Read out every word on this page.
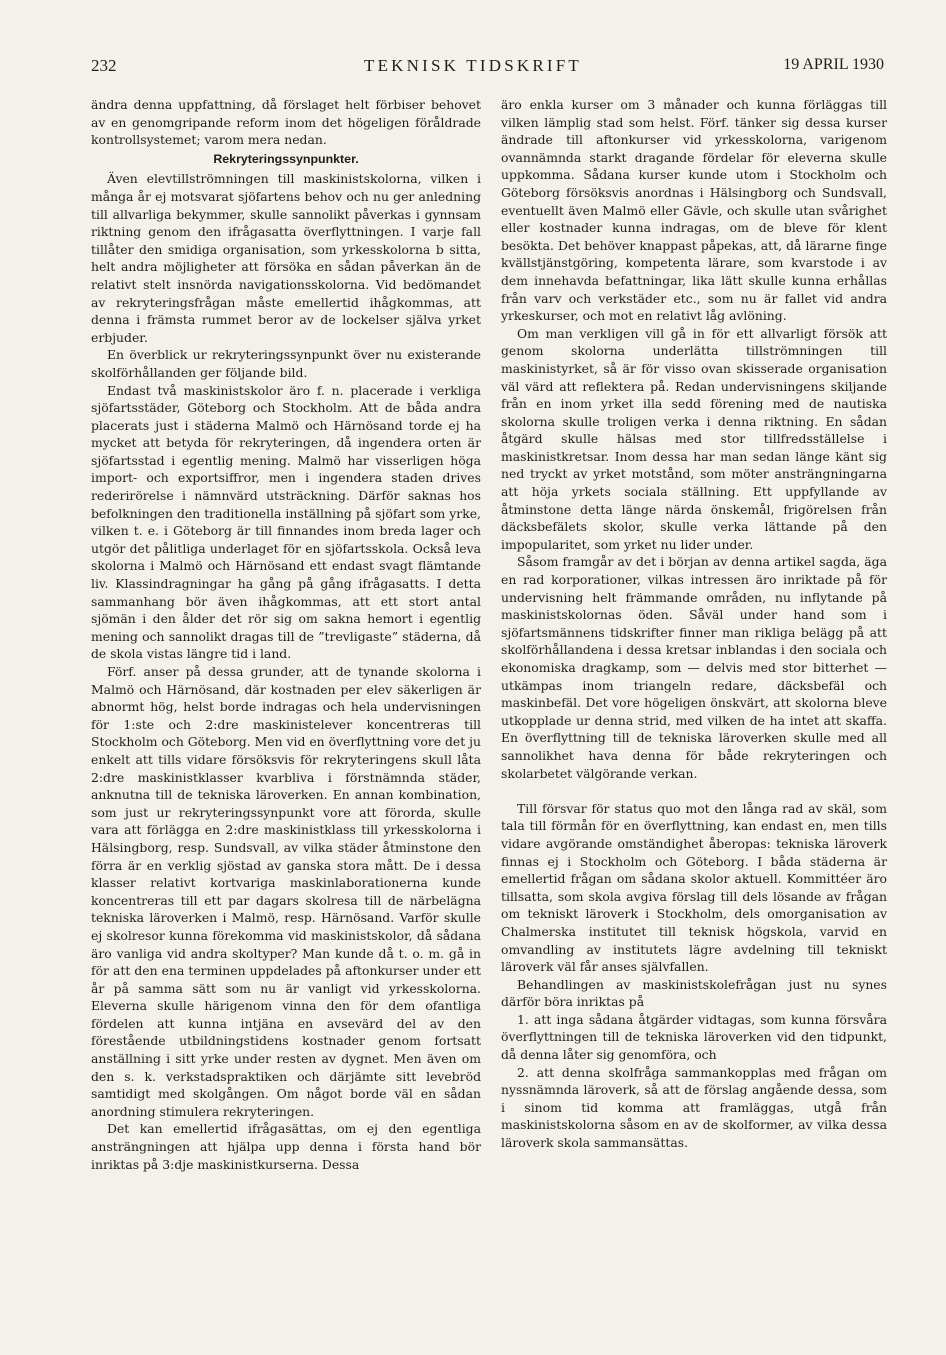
232	TEKNISK TIDSKRIFT	19 APRIL 1930

ändra denna uppfattning, då förslaget helt förbiser behovet av en genomgripande reform inom det högeligen föråldrade kontrollsystemet; varom mera nedan.

Rekryteringssynpunkter.

Även elevtillströmningen till maskinistskolorna, vilken i många år ej motsvarat sjöfartens behov och nu ger anledning till allvarliga bekymmer, skulle sannolikt påverkas i gynnsam riktning genom den ifrågasatta överflyttningen. I varje fall tillåter den smidiga organisation, som yrkesskolorna b sitta, helt andra möjligheter att försöka en sådan påverkan än de relativt stelt insnörda navigationsskolorna. Vid bedömandet av rekryteringsfrågan måste emellertid ihågkommas, att denna i främsta rummet beror av de lockelser själva yrket erbjuder.

En överblick ur rekryteringssynpunkt över nu existerande skolförhållanden ger följande bild.

Endast två maskinistskolor äro f. n. placerade i verkliga sjöfartsstäder, Göteborg och Stockholm. Att de båda andra placerats just i städerna Malmö och Härnösand torde ej ha mycket att betyda för rekryteringen, då ingendera orten är sjöfartsstad i egentlig mening. Malmö har visserligen höga import- och exportsiffror, men i ingendera staden drives rederirörelse i nämnvärd utsträckning. Därför saknas hos befolkningen den traditionella inställning på sjöfart som yrke, vilken t. e. i Göteborg är till finnandes inom breda lager och utgör det pålitliga underlaget för en sjöfartsskola. Också leva skolorna i Malmö och Härnösand ett endast svagt flämtande liv. Klassindragningar ha gång på gång ifrågasatts. I detta sammanhang bör även ihågkommas, att ett stort antal sjömän i den ålder det rör sig om sakna hemort i egentlig mening och sannolikt dragas till de ”trevligaste” städerna, då de skola vistas längre tid i land.

Förf. anser på dessa grunder, att de tynande skolorna i Malmö och Härnösand, där kostnaden per elev säkerligen är abnormt hög, helst borde indragas och hela undervisningen för 1:ste och 2:dre maskinistelever koncentreras till Stockholm och Göteborg. Men vid en överflyttning vore det ju enkelt att tills vidare försöksvis för rekryteringens skull låta 2:dre maskinistklasser kvarbliva i förstnämnda städer, anknutna till de tekniska läroverken. En annan kombination, som just ur rekryteringssynpunkt vore att förorda, skulle vara att förlägga en 2:dre maskinistklass till yrkesskolorna i Hälsingborg, resp. Sundsvall, av vilka städer åtminstone den förra är en verklig sjöstad av ganska stora mått. De i dessa klasser relativt kortvariga maskinlaborationerna kunde koncentreras till ett par dagars skolresa till de närbelägna tekniska läroverken i Malmö, resp. Härnösand. Varför skulle ej skolresor kunna förekomma vid maskinistskolor, då sådana äro vanliga vid andra skoltyper? Man kunde då t. o. m. gå in för att den ena terminen uppdelades på aftonkurser under ett år på samma sätt som nu är vanligt vid yrkesskolorna. Eleverna skulle härigenom vinna den för dem ofantliga fördelen att kunna intjäna en avsevärd del av den förestående utbildningstidens kostnader genom fortsatt anställning i sitt yrke under resten av dygnet. Men även om den s. k. verkstadspraktiken och därjämte sitt levebröd samtidigt med skolgången. Om något borde väl en sådan anordning stimulera rekryteringen.

Det kan emellertid ifrågasättas, om ej den egentliga ansträngningen att hjälpa upp denna i första hand bör inriktas på 3:dje maskinistkurserna. Dessa

äro enkla kurser om 3 månader och kunna förläggas till vilken lämplig stad som helst. Förf. tänker sig dessa kurser ändrade till aftonkurser vid yrkesskolorna, varigenom ovannämnda starkt dragande fördelar för eleverna skulle uppkomma. Sådana kurser kunde utom i Stockholm och Göteborg försöksvis anordnas i Hälsingborg och Sundsvall, eventuellt även Malmö eller Gävle, och skulle utan svårighet eller kostnader kunna indragas, om de bleve för klent besökta. Det behöver knappast påpekas, att, då lärarne finge kvällstjänstgöring, kompetenta lärare, som kvarstode i av dem innehavda befattningar, lika lätt skulle kunna erhållas från varv och verkstäder etc., som nu är fallet vid andra yrkeskurser, och mot en relativt låg avlöning.

Om man verkligen vill gå in för ett allvarligt försök att genom skolorna underlätta tillströmningen till maskinistyrket, så är för visso ovan skisserade organisation väl värd att reflektera på. Redan undervisningens skiljande från en inom yrket illa sedd förening med de nautiska skolorna skulle troligen verka i denna riktning. En sådan åtgärd skulle hälsas med stor tillfredsställelse i maskinistkretsar. Inom dessa har man sedan länge känt sig ned tryckt av yrket motstånd, som möter ansträngningarna att höja yrkets sociala ställning. Ett uppfyllande av åtminstone detta länge närda önskemål, frigörelsen från däcksbefälets skolor, skulle verka lättande på den impopularitet, som yrket nu lider under.

Såsom framgår av det i början av denna artikel sagda, äga en rad korporationer, vilkas intressen äro inriktade på för undervisning helt främmande områden, nu inflytande på maskinistskolornas öden. Såväl under hand som i sjöfartsmännens tidskrifter finner man rikliga belägg på att skolförhållandena i dessa kretsar inblandas i den sociala och ekonomiska dragkamp, som — delvis med stor bitterhet — utkämpas inom triangeln redare, däcksbefäl och maskinbefäl. Det vore högeligen önskvärt, att skolorna bleve utkopplade ur denna strid, med vilken de ha intet att skaffa. En överflyttning till de tekniska läroverken skulle med all sannolikhet hava denna för både rekryteringen och skolarbetet välgörande verkan.

Till försvar för status quo mot den långa rad av skäl, som tala till förmån för en överflyttning, kan endast en, men tills vidare avgörande omständighet åberopas: tekniska läroverk finnas ej i Stockholm och Göteborg. I båda städerna är emellertid frågan om sådana skolor aktuell. Kommittéer äro tillsatta, som skola avgiva förslag till dels lösande av frågan om tekniskt läroverk i Stockholm, dels omorganisation av Chalmerska institutet till teknisk högskola, varvid en omvandling av institutets lägre avdelning till tekniskt läroverk väl får anses självfallen.

Behandlingen av maskinistskolefrågan just nu synes därför böra inriktas på

1. att inga sådana åtgärder vidtagas, som kunna försvåra överflyttningen till de tekniska läroverken vid den tidpunkt, då denna låter sig genomföra, och

2. att denna skolfråga sammankopplas med frågan om nyssnämnda läroverk, så att de förslag angående dessa, som i sinom tid komma att framläggas, utgå från maskinistskolorna såsom en av de skolformer, av vilka dessa läroverk skola sammansättas.
